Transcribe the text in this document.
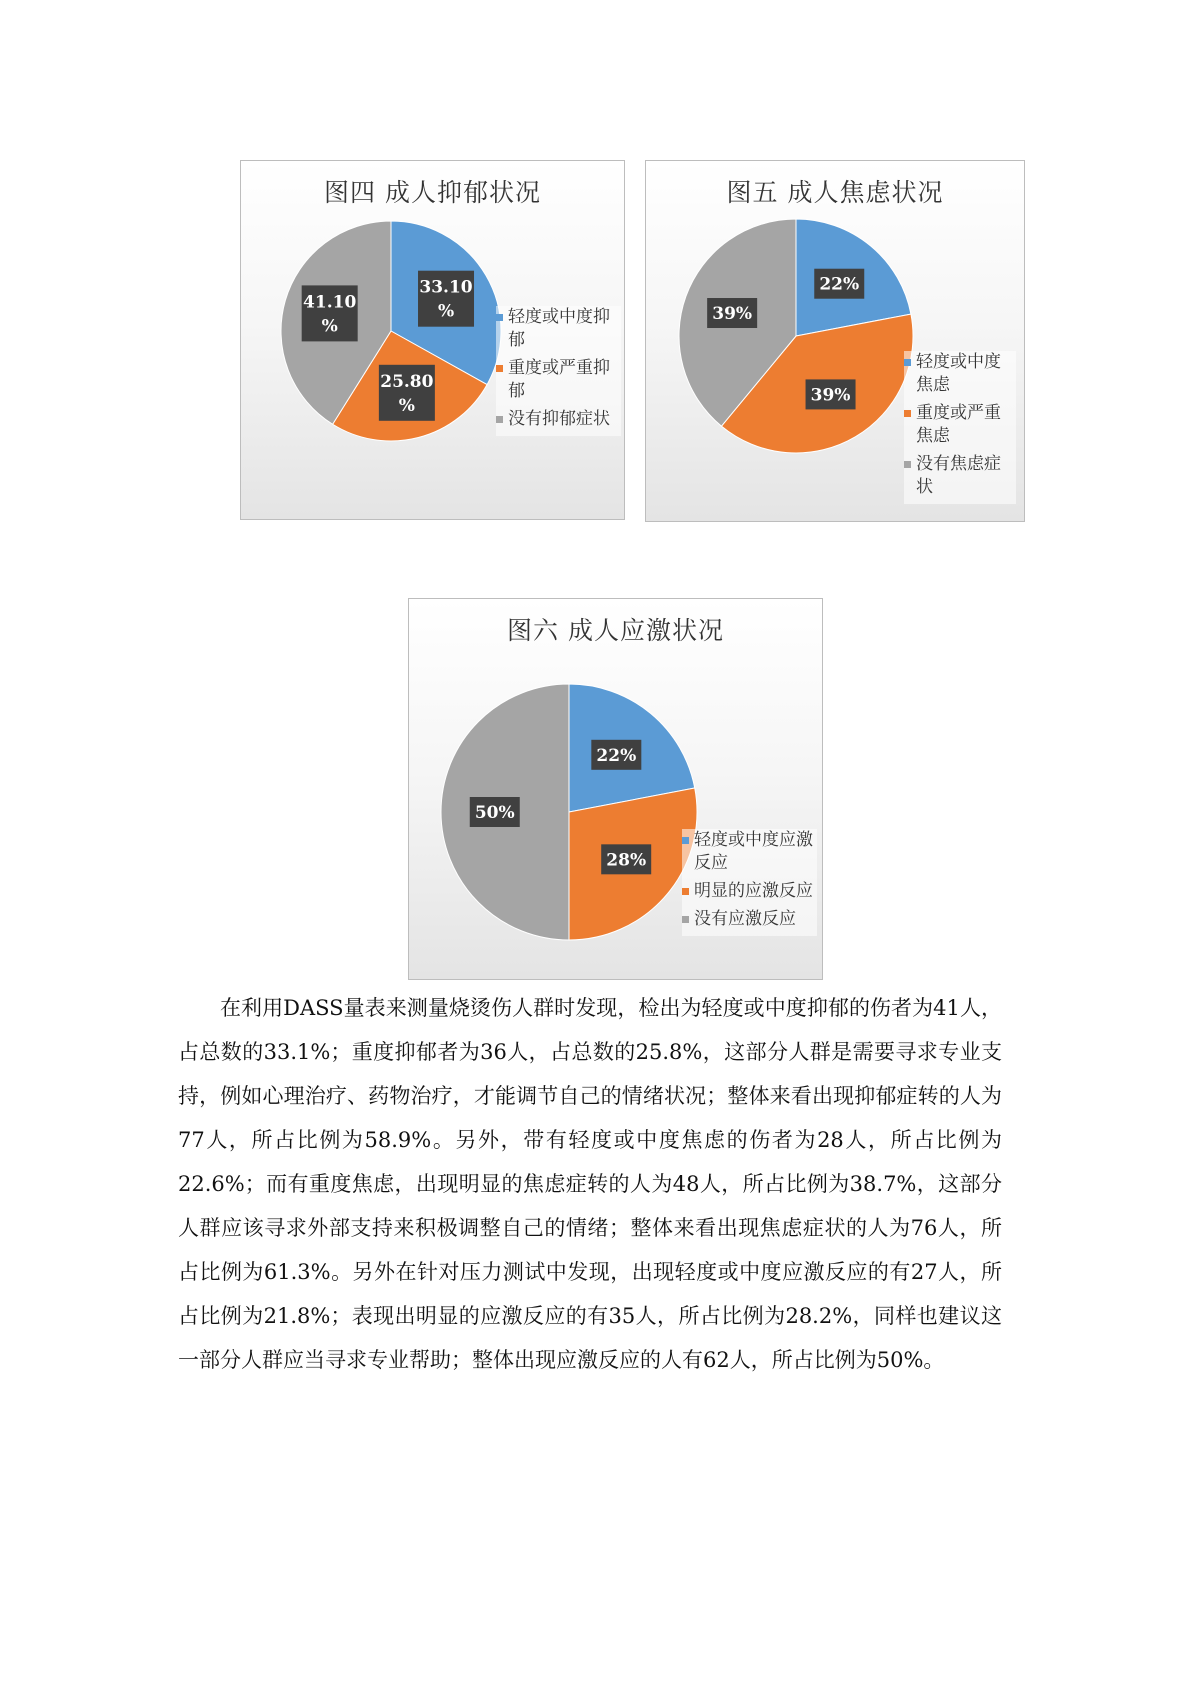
图四 成人抑郁状况
33.10 %
25.80 %
41.10 %	轻度或中度抑郁
重度或严重抑郁
没有抑郁症状
图五 成人焦虑状况
22%
39%
39%
轻度或中度焦虑
重度或严重焦虑
没有焦虑症状
图六 成人应激状况
22%
28%
50%
轻度或中度应激反应
明显的应激反应
没有应激反应

在利用DASS量表来测量烧烫伤人群时发现，检出为轻度或中度抑郁的伤者为41人，占总数的33.1%；重度抑郁者为36人，占总数的25.8%，这部分人群是需要寻求专业支持，例如心理治疗、药物治疗，才能调节自己的情绪状况；整体来看出现抑郁症转的人为77人，所占比例为58.9%。另外，带有轻度或中度焦虑的伤者为28人，所占比例为22.6%；而有重度焦虑，出现明显的焦虑症转的人为48人，所占比例为38.7%，这部分人群应该寻求外部支持来积极调整自己的情绪；整体来看出现焦虑症状的人为76人，所占比例为61.3%。另外在针对压力测试中发现，出现轻度或中度应激反应的有27人，所占比例为21.8%；表现出明显的应激反应的有35人，所占比例为28.2%，同样也建议这一部分人群应当寻求专业帮助；整体出现应激反应的人有62人，所占比例为50%。
